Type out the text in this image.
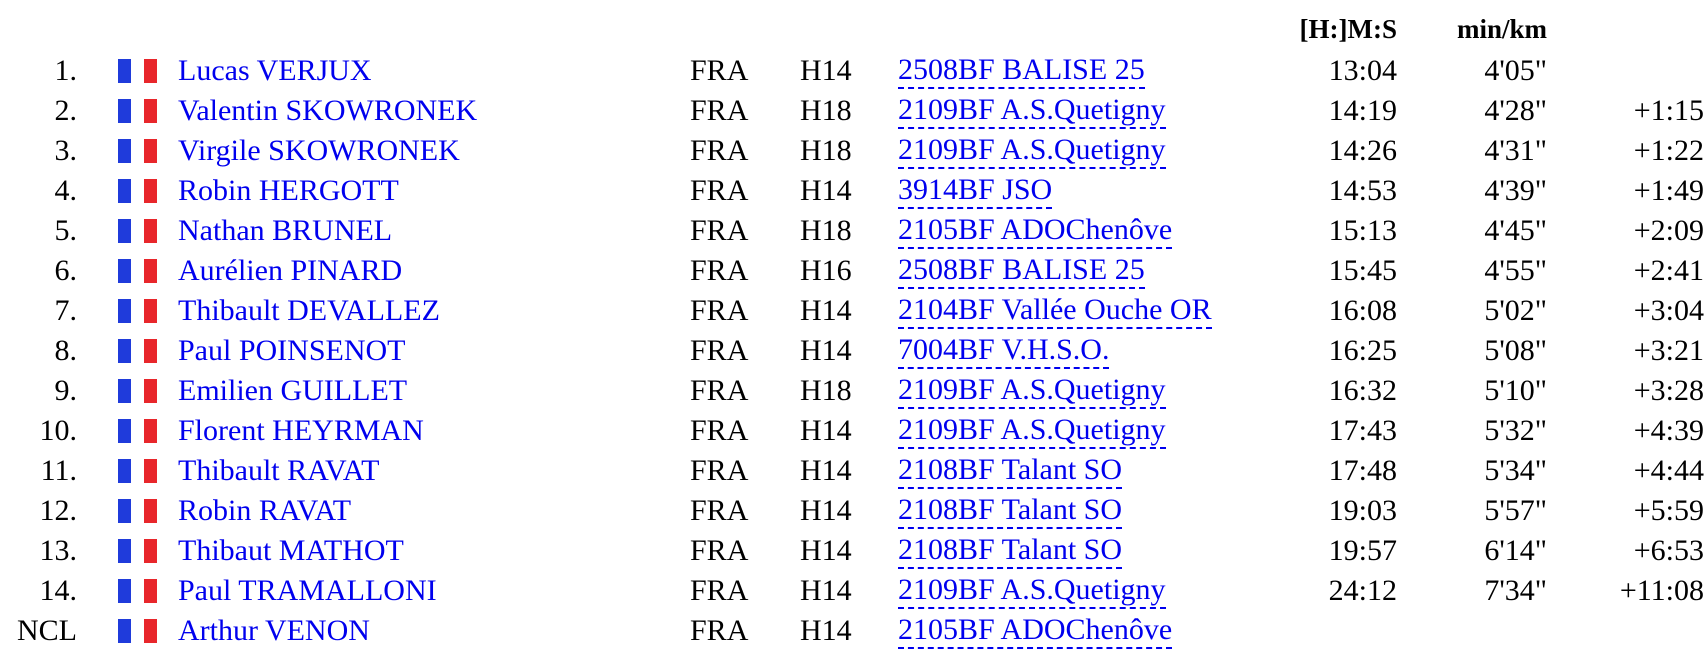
[H:]M:S min/km
1.	Lucas VERJUX	FRA H14 2508BF BALISE 25	13:04	4'05"
2.	Valentin SKOWRONEK	FRA H18 2109BF A.S.Quetigny	14:19	4'28"	+1:15
3.	Virgile SKOWRONEK	FRA H18 2109BF A.S.Quetigny	14:26	4'31"	+1:22
4.	Robin HERGOTT	FRA H14 3914BF JSO	14:53	4'39"	+1:49
5.	Nathan BRUNEL	FRA H18 2105BF ADOChenôve	15:13	4'45"	+2:09
6.	Aurélien PINARD	FRA H16 2508BF BALISE 25	15:45	4'55"	+2:41
7.	Thibault DEVALLEZ	FRA H14 2104BF Vallée Ouche OR	16:08	5'02"	+3:04
8.	Paul POINSENOT	FRA H14 7004BF V.H.S.O.	16:25	5'08"	+3:21
9.	Emilien GUILLET	FRA H18 2109BF A.S.Quetigny	16:32	5'10"	+3:28
10.	Florent HEYRMAN	FRA H14 2109BF A.S.Quetigny	17:43	5'32"	+4:39
11.	Thibault RAVAT	FRA H14 2108BF Talant SO	17:48	5'34"	+4:44
12.	Robin RAVAT	FRA H14 2108BF Talant SO	19:03	5'57"	+5:59
13.	Thibaut MATHOT	FRA H14 2108BF Talant SO	19:57	6'14"	+6:53
14.	Paul TRAMALLONI	FRA H14 2109BF A.S.Quetigny	24:12	7'34" +11:08
NCL	Arthur VENON	FRA H14 2105BF ADOChenôve
